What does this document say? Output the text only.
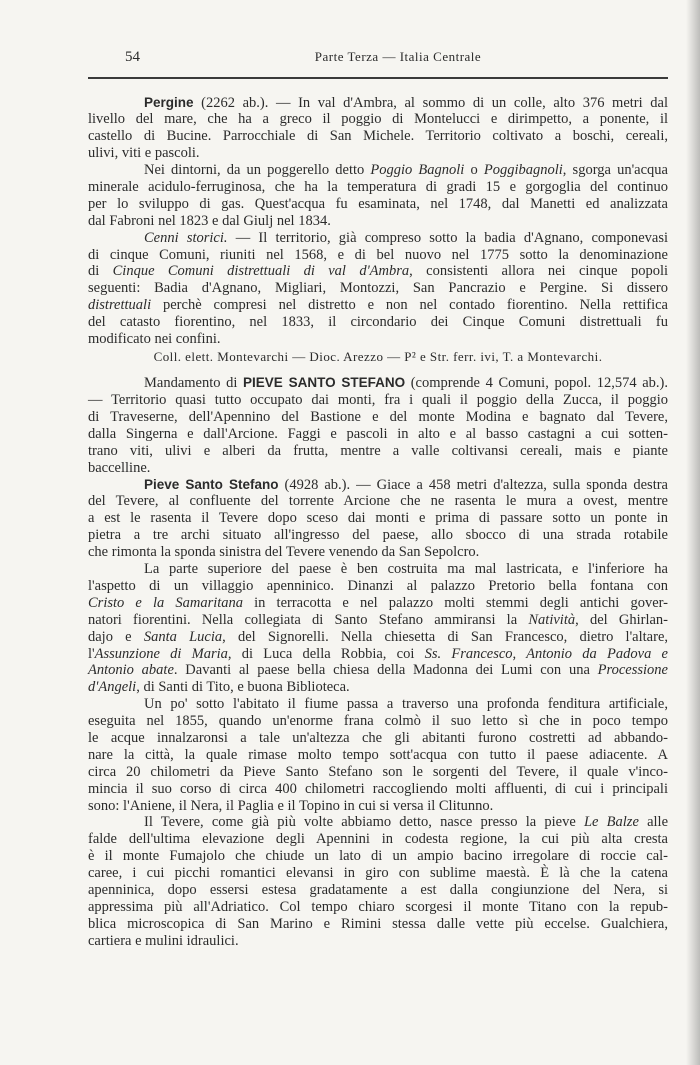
54	Parte Terza — Italia Centrale
Pergine (2262 ab.). — In val d'Ambra, al sommo di un colle, alto 376 metri dal
livello del mare, che ha a greco il poggio di Montelucci e dirimpetto, a ponente, il
castello di Bucine. Parrocchiale di San Michele. Territorio coltivato a boschi, cereali,
ulivi, viti e pascoli.
Nei dintorni, da un poggerello detto Poggio Bagnoli o Poggibagnoli, sgorga un'acqua
minerale acidulo-ferruginosa, che ha la temperatura di gradi 15 e gorgoglia del continuo
per lo sviluppo di gas. Quest'acqua fu esaminata, nel 1748, dal Manetti ed analizzata
dal Fabroni nel 1823 e dal Giulj nel 1834.
Cenni storici. — Il territorio, già compreso sotto la badia d'Agnano, componevasi
di cinque Comuni, riuniti nel 1568, e di bel nuovo nel 1775 sotto la denominazione
di Cinque Comuni distrettuali di val d'Ambra, consistenti allora nei cinque popoli
seguenti: Badia d'Agnano, Migliari, Montozzi, San Pancrazio e Pergine. Si dissero
distrettuali perchè compresi nel distretto e non nel contado fiorentino. Nella rettifica
del catasto fiorentino, nel 1833, il circondario dei Cinque Comuni distrettuali fu
modificato nei confini.
Coll. elett. Montevarchi — Dioc. Arezzo — P² e Str. ferr. ivi, T. a Montevarchi.
Mandamento di PIEVE SANTO STEFANO (comprende 4 Comuni, popol. 12,574 ab.).
— Territorio quasi tutto occupato dai monti, fra i quali il poggio della Zucca, il poggio
di Traveserne, dell'Apennino del Bastione e del monte Modina e bagnato dal Tevere,
dalla Singerna e dall'Arcione. Faggi e pascoli in alto e al basso castagni a cui sotten-
trano viti, ulivi e alberi da frutta, mentre a valle coltivansi cereali, mais e piante
baccelline.
Pieve Santo Stefano (4928 ab.). — Giace a 458 metri d'altezza, sulla sponda destra
del Tevere, al confluente del torrente Arcione che ne rasenta le mura a ovest, mentre
a est le rasenta il Tevere dopo sceso dai monti e prima di passare sotto un ponte in
pietra a tre archi situato all'ingresso del paese, allo sbocco di una strada rotabile
che rimonta la sponda sinistra del Tevere venendo da San Sepolcro.
La parte superiore del paese è ben costruita ma mal lastricata, e l'inferiore ha
l'aspetto di un villaggio apenninico. Dinanzi al palazzo Pretorio bella fontana con
Cristo e la Samaritana in terracotta e nel palazzo molti stemmi degli antichi gover-
natori fiorentini. Nella collegiata di Santo Stefano ammiransi la Natività, del Ghirlan-
dajo e Santa Lucia, del Signorelli. Nella chiesetta di San Francesco, dietro l'altare,
l'Assunzione di Maria, di Luca della Robbia, coi Ss. Francesco, Antonio da Padova e
Antonio abate. Davanti al paese bella chiesa della Madonna dei Lumi con una Processione
d'Angeli, di Santi di Tito, e buona Biblioteca.
Un po' sotto l'abitato il fiume passa a traverso una profonda fenditura artificiale,
eseguita nel 1855, quando un'enorme frana colmò il suo letto sì che in poco tempo
le acque innalzaronsi a tale un'altezza che gli abitanti furono costretti ad abbando-
nare la città, la quale rimase molto tempo sott'acqua con tutto il paese adiacente. A
circa 20 chilometri da Pieve Santo Stefano son le sorgenti del Tevere, il quale v'inco-
mincia il suo corso di circa 400 chilometri raccogliendo molti affluenti, di cui i principali
sono: l'Aniene, il Nera, il Paglia e il Topino in cui si versa il Clitunno.
Il Tevere, come già più volte abbiamo detto, nasce presso la pieve Le Balze alle
falde dell'ultima elevazione degli Apennini in codesta regione, la cui più alta cresta
è il monte Fumajolo che chiude un lato di un ampio bacino irregolare di roccie cal-
caree, i cui picchi romantici elevansi in giro con sublime maestà. È là che la catena
apenninica, dopo essersi estesa gradatamente a est dalla congiunzione del Nera, si
appressima più all'Adriatico. Col tempo chiaro scorgesi il monte Titano con la repub-
blica microscopica di San Marino e Rimini stessa dalle vette più eccelse. Gualchiera,
cartiera e mulini idraulici.
